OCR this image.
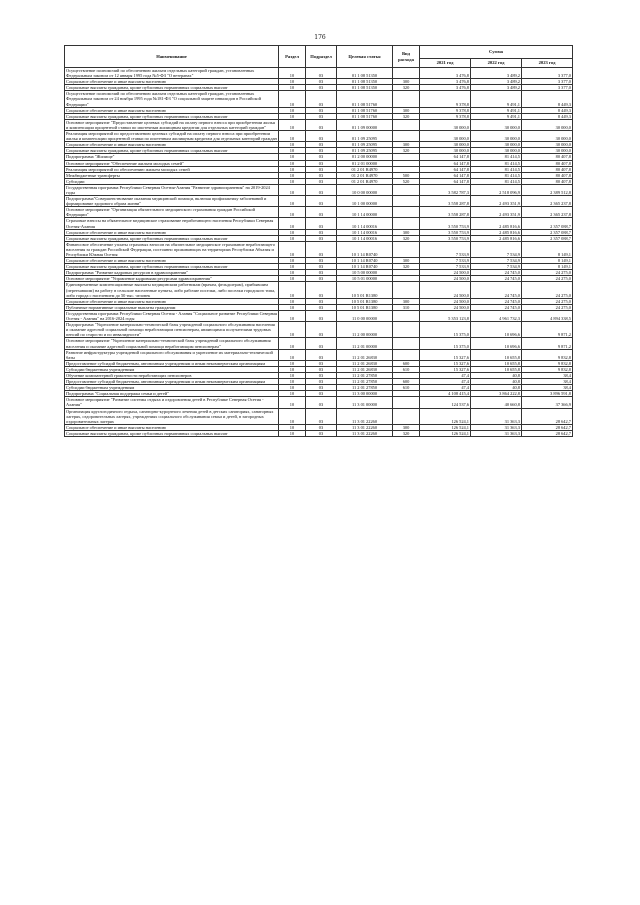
176
Наименование	Раздел	Подраздел	Целевая статья	Вид расхода	Сумма		
					2021 год	2022 год	2023 год
Осуществление полномочий по обеспечению жильем отдельных категорий граждан, установленных Федеральным законом от 12 января 1995 года №5-ФЗ "О ветеранах"	10	03	01 1 08 51350		3 476,8	3 489,2	3 377,0
Социальное обеспечение и иные выплаты населению	10	03	01 1 08 51350	300	3 476,8	3 489,2	3 377,0
Социальные выплаты гражданам, кроме публичных нормативных социальных выплат	10	03	01 1 08 51350	320	3 476,8	3 489,2	3 377,0
Осуществление полномочий по обеспечению жильем отдельных категорий граждан, установленных Федеральным законом от 24 ноября 1995 года №181-ФЗ "О социальной защите инвалидов в Российской Федерации"	10	03	01 1 08 51760		9 378,8	9 491,1	8 449,3
Социальное обеспечение и иные выплаты населению	10	03	01 1 08 51760	300	9 378,8	9 491,1	8 449,3
Социальные выплаты гражданам, кроме публичных нормативных социальных выплат	10	03	01 1 08 51760	320	9 378,8	9 491,1	8 449,3
Основное мероприятие "Предоставление целевых субсидий на оплату первого взноса при приобретении жилья и компенсации процентной ставки по ипотечным жилищным кредитам для отдельных категорий граждан"	10	03	01 1 09 00000		30 000,0	30 000,0	30 000,0
Реализация мероприятий по предоставлению целевых субсидий на оплату первого взноса при приобретении жилья и компенсации процентной ставки по ипотечным жилищным кредитам для отдельных категорий граждан	10	03	01 1 09 25095		30 000,0	30 000,0	30 000,0
Социальное обеспечение и иные выплаты населению	10	03	01 1 09 25095	300	30 000,0	30 000,0	30 000,0
Социальные выплаты гражданам, кроме публичных нормативных социальных выплат	10	03	01 1 09 25095	320	30 000,0	30 000,0	30 000,0
Подпрограмма "Жилище"	10	03	01 2 00 00000		64 147,8	81 414,5	80 407,8
Основное мероприятие "Обеспечение жильем молодых семей"	10	03	01 2 01 00000		64 147,8	81 414,5	80 407,8
Реализация мероприятий по обеспечению жильем молодых семей	10	03	01 2 01 R4970		64 147,8	81 414,5	80 407,8
Межбюджетные трансферты	10	03	01 2 01 R4970	500	64 147,8	81 414,5	80 407,8
Субсидии	10	03	01 2 01 R4970	520	64 147,8	81 414,5	80 407,8
Государственная программа Республики Северная Осетия-Алания "Развитие здравоохранения" на 2019-2024 годы	10	03	10 0 00 00000		3 582 787,3	2 518 096,9	2 389 512,8
Подпрограмма"Совершенствование оказания медицинской помощи, включая профилактику заболеваний и формирование здорового образа жизни"	10	03	10 1 00 00000		3 558 287,8	2 493 351,9	2 365 237,8
Основное мероприятие "Организация обязательного медицинского страхования граждан Российской Федерации"	10	03	10 1 14 00000		3 558 287,8	2 493 351,9	2 365 237,8
Страховые взносы на обязательное медицинское страхование неработающего населения Республики Северная Осетия-Алания	10	03	10 1 14 00016		3 550 753,9	2 485 816,6	2 357 088,7
Социальное обеспечение и иные выплаты населению	10	03	10 1 14 00016	300	3 550 753,9	2 485 816,6	2 357 088,7
Социальные выплаты гражданам, кроме публичных нормативных социальных выплат	10	03	10 1 14 00016	320	3 550 753,9	2 485 816,6	2 357 088,7
Финансовое обеспечение уплаты страховых взносов на обязательное медицинское страхование неработающего населения за граждан Российской Федерации, постоянно проживающих на территориях Республики Абхазия и Республики Южная Осетия	10	03	10 1 14 R0740		7 533,9	7 534,9	8 149,1
Социальное обеспечение и иные выплаты населению	10	03	10 1 14 R0740	300	7 533,9	7 534,9	8 149,1
Социальные выплаты гражданам, кроме публичных нормативных социальных выплат	10	03	10 1 14 R0740	320	7 533,9	7 534,9	8 149,1
Подпрограмма "Развитие кадровых ресурсов в здравоохранении"	10	03	10 5 00 00000		24 500,0	24 745,0	24 275,0
Основное мероприятие "Управление кадровыми ресурсами здравоохранения"	10	03	10 5 01 00000		24 500,0	24 745,0	24 275,0
Единовременные компенсационные выплаты медицинским работникам (врачам, фельдшерам), прибывшим (переехавшим) на работу в сельские населенные пункты, либо рабочие поселки, либо поселки городского типа, либо города с населением до 50 тыс. человек	10	03	10 5 01 R1380		24 500,0	24 745,0	24 275,0
Социальное обеспечение и иные выплаты населению	10	03	10 5 01 R1380	300	24 500,0	24 745,0	24 275,0
Публичные нормативные социальные выплаты гражданам	10	03	10 5 01 R1380	310	24 500,0	24 745,0	24 275,0
Государственная программа Республики Северная Осетия - Алания "Социальное развитие Республики Северная Осетия - Алания" на 2016-2024 годы	10	03	11 0 00 00000		5 353 123,8	4 961 732,3	4 894 338,5
Подпрограмма "Укрепление материально-технической базы учреждений социального обслуживания населения и оказание адресной социальной помощи неработающим пенсионерам, являющимся получателями трудовых пенсий по старости и по инвалидности"	10	03	11 2 00 00000		15 375,0	10 696,6	9 871,2
Основное мероприятие "Укрепление материально-технической базы учреждений социального обслуживания населения и оказание адресной социальной помощи неработающим пенсионерам"	10	03	11 2 01 00000		15 375,0	10 696,6	9 871,2
Развитие инфраструктуры учреждений социального обслуживания и укрепление их материально-технической базы	10	03	11 2 01 26830		15 327,6	10 655,8	9 832,8
Предоставление субсидий бюджетным, автономным учреждениям и иным некоммерческим организациям	10	03	11 2 01 26830	600	15 327,6	10 655,8	9 832,8
Субсидии бюджетным учреждениям	10	03	11 2 01 26830	610	15 327,6	10 655,8	9 832,8
Обучение компьютерной грамотности неработающих пенсионеров	10	03	11 2 01 27850		47,4	40,8	38,4
Предоставление субсидий бюджетным, автономным учреждениям и иным некоммерческим организациям	10	03	11 2 01 27850	600	47,4	40,8	38,4
Субсидии бюджетным учреждениям	10	03	11 2 01 27850	610	47,4	40,8	38,4
Подпрограмма "Социальная поддержка семьи и детей"	10	03	11 3 00 00000		4 108 415,4	3 864 222,8	3 896 591,8
Основное мероприятие "Развитие системы отдыха и оздоровления детей в Республике Северная Осетия - Алания"	10	03	11 3 01 00000		124 537,6	40 660,8	37 366,9
Организация круглогодичного отдыха, санаторно-курортного лечения детей в детских санаториях, санаторных лагерях, оздоровительных лагерях, учреждениях социального обслуживания семьи и детей, в загородных оздоровительных лагерях	10	03	11 3 01 22260		126 524,1	31 363,3	28 642,7
Социальное обеспечение и иные выплаты населению	10	03	11 3 01 22260	300	126 524,1	31 363,3	28 642,7
Социальные выплаты гражданам, кроме публичных нормативных социальных выплат	10	03	11 3 01 22260	320	126 524,1	31 363,3	28 642,7
